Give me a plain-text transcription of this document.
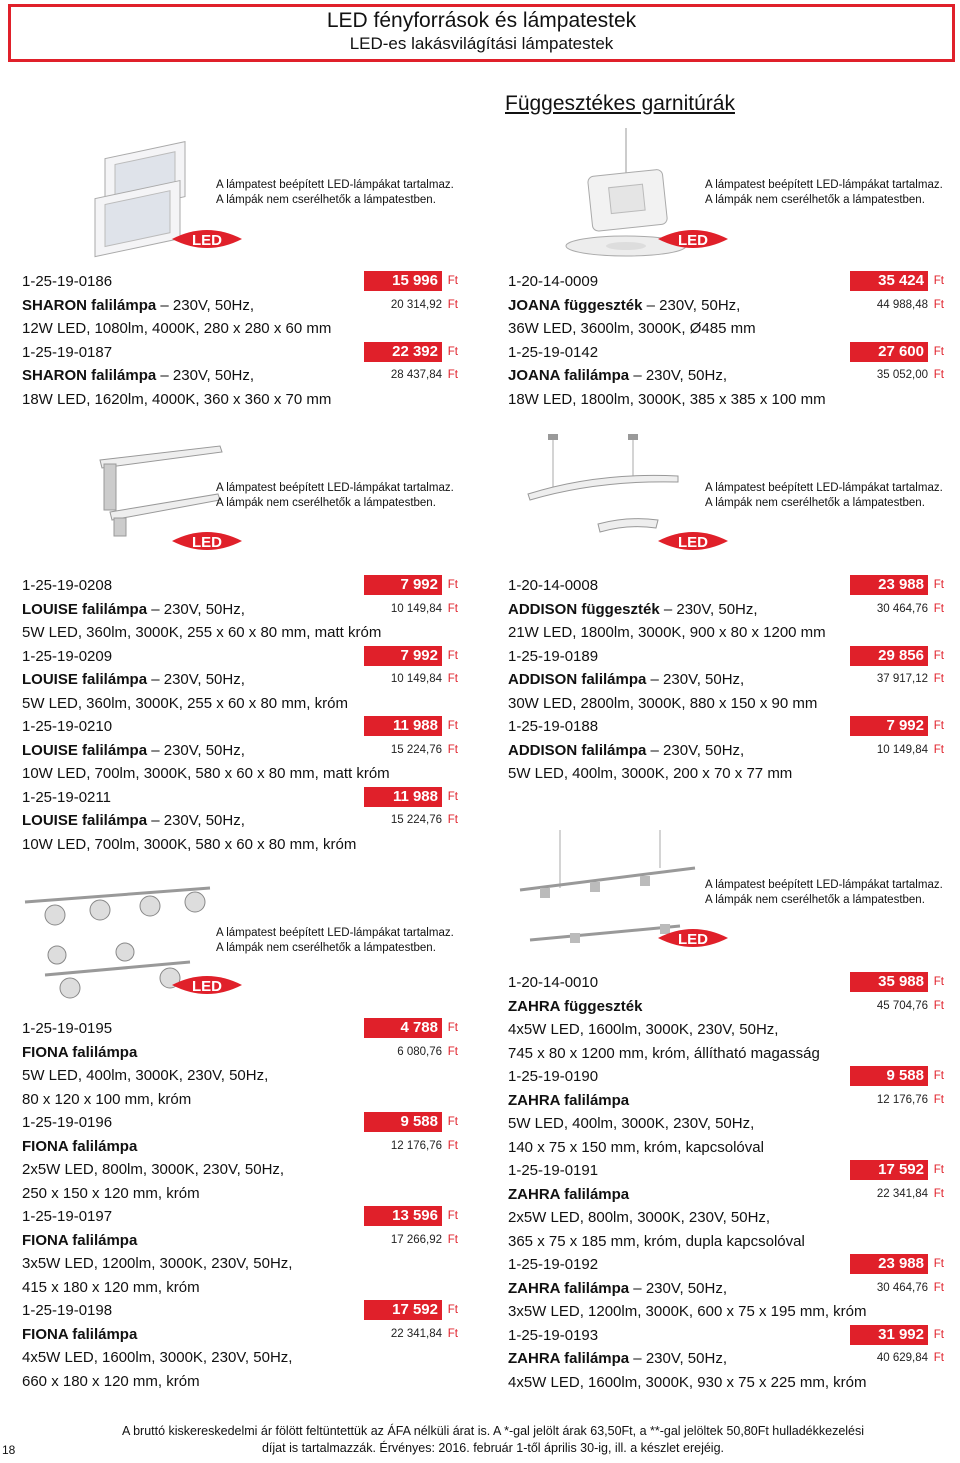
LED fényforrások és lámpatestek
LED-es lakásvilágítási lámpatestek
Függesztékes garnitúrák
A lámpatest beépített LED-lámpákat tartalmaz.
A lámpák nem cserélhetők a lámpatestben.
LED
1-25-19-0186	15 996 Ft
SHARON falilámpa – 230V, 50Hz,	20 314,92 Ft
12W LED, 1080lm, 4000K, 280 x 280 x 60 mm
1-25-19-0187	22 392 Ft
SHARON falilámpa – 230V, 50Hz,	28 437,84 Ft
18W LED, 1620lm, 4000K, 360 x 360 x 70 mm
A lámpatest beépített LED-lámpákat tartalmaz.
A lámpák nem cserélhetők a lámpatestben.
LED
1-20-14-0009	35 424 Ft
JOANA függeszték – 230V, 50Hz,	44 988,48 Ft
36W LED, 3600lm, 3000K, Ø485 mm
1-25-19-0142	27 600 Ft
JOANA falilámpa – 230V, 50Hz,	35 052,00 Ft
18W LED, 1800lm, 3000K, 385 x 385 x 100 mm
A lámpatest beépített LED-lámpákat tartalmaz.
A lámpák nem cserélhetők a lámpatestben.
LED
1-25-19-0208	7 992 Ft
LOUISE falilámpa – 230V, 50Hz,	10 149,84 Ft
5W LED, 360lm, 3000K, 255 x 60 x 80 mm, matt króm
1-25-19-0209	7 992 Ft
LOUISE falilámpa – 230V, 50Hz,	10 149,84 Ft
5W LED, 360lm, 3000K, 255 x 60 x 80 mm, króm
1-25-19-0210	11 988 Ft
LOUISE falilámpa – 230V, 50Hz,	15 224,76 Ft
10W LED, 700lm, 3000K, 580 x 60 x 80 mm, matt króm
1-25-19-0211	11 988 Ft
LOUISE falilámpa – 230V, 50Hz,	15 224,76 Ft
10W LED, 700lm, 3000K, 580 x 60 x 80 mm, króm
A lámpatest beépített LED-lámpákat tartalmaz.
A lámpák nem cserélhetők a lámpatestben.
LED
1-20-14-0008	23 988 Ft
ADDISON függeszték – 230V, 50Hz,	30 464,76 Ft
21W LED, 1800lm, 3000K, 900 x 80 x 1200 mm
1-25-19-0189	29 856 Ft
ADDISON falilámpa – 230V, 50Hz,	37 917,12 Ft
30W LED, 2800lm, 3000K, 880 x 150 x 90 mm
1-25-19-0188	7 992 Ft
ADDISON falilámpa – 230V, 50Hz,	10 149,84 Ft
5W LED, 400lm, 3000K, 200 x 70 x 77 mm
A lámpatest beépített LED-lámpákat tartalmaz.
A lámpák nem cserélhetők a lámpatestben.
LED
1-25-19-0195	4 788 Ft
FIONA falilámpa	6 080,76 Ft
5W LED, 400lm, 3000K, 230V, 50Hz,
80 x 120 x 100 mm, króm
1-25-19-0196	9 588 Ft
FIONA falilámpa	12 176,76 Ft
2x5W LED, 800lm, 3000K, 230V, 50Hz,
250 x 150 x 120 mm, króm
1-25-19-0197	13 596 Ft
FIONA falilámpa	17 266,92 Ft
3x5W LED, 1200lm, 3000K, 230V, 50Hz,
415 x 180 x 120 mm, króm
1-25-19-0198	17 592 Ft
FIONA falilámpa	22 341,84 Ft
4x5W LED, 1600lm, 3000K, 230V, 50Hz,
660 x 180 x 120 mm, króm
A lámpatest beépített LED-lámpákat tartalmaz.
A lámpák nem cserélhetők a lámpatestben.
LED
1-20-14-0010	35 988 Ft
ZAHRA függeszték	45 704,76 Ft
4x5W LED, 1600lm, 3000K, 230V, 50Hz,
745 x 80 x 1200 mm, króm, állítható magasság
1-25-19-0190	9 588 Ft
ZAHRA falilámpa	12 176,76 Ft
5W LED, 400lm, 3000K, 230V, 50Hz,
140 x 75 x 150 mm, króm, kapcsolóval
1-25-19-0191	17 592 Ft
ZAHRA falilámpa	22 341,84 Ft
2x5W LED, 800lm, 3000K, 230V, 50Hz,
365 x 75 x 185 mm, króm, dupla kapcsolóval
1-25-19-0192	23 988 Ft
ZAHRA falilámpa – 230V, 50Hz,	30 464,76 Ft
3x5W LED, 1200lm, 3000K, 600 x 75 x 195 mm, króm
1-25-19-0193	31 992 Ft
ZAHRA falilámpa – 230V, 50Hz,	40 629,84 Ft
4x5W LED, 1600lm, 3000K, 930 x 75 x 225 mm, króm
18
A bruttó kiskereskedelmi ár fölött feltüntettük az ÁFA nélküli árat is. A *-gal jelölt árak 63,50Ft, a **-gal jelöltek 50,80Ft hulladékkezelési
díjat is tartalmazzák. Érvényes: 2016. február 1-től április 30-ig, ill. a készlet erejéig.
